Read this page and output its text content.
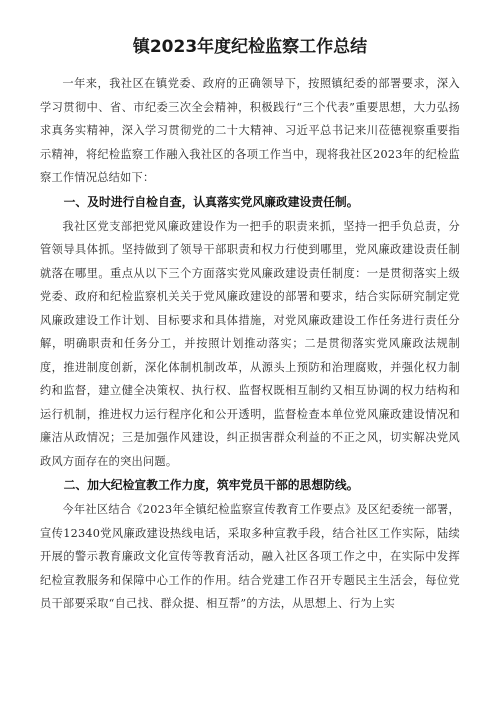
镇2023年度纪检监察工作总结

一年来，我社区在镇党委、政府的正确领导下，按照镇纪委的部署要求，深入学习贯彻中、省、市纪委三次全会精神，积极践行“三个代表”重要思想，大力弘扬求真务实精神，深入学习贯彻党的二十大精神、习近平总书记来川莅德视察重要指示精神，将纪检监察工作融入我社区的各项工作当中，现将我社区2023年的纪检监察工作情况总结如下：

一、及时进行自检自查，认真落实党风廉政建设责任制。

我社区党支部把党风廉政建设作为一把手的职责来抓，坚持一把手负总责，分管领导具体抓。坚持做到了领导干部职责和权力行使到哪里，党风廉政建设责任制就落在哪里。重点从以下三个方面落实党风廉政建设责任制度：一是贯彻落实上级党委、政府和纪检监察机关关于党风廉政建设的部署和要求，结合实际研究制定党风廉政建设工作计划、目标要求和具体措施，对党风廉政建设工作任务进行责任分解，明确职责和任务分工，并按照计划推动落实；二是贯彻落实党风廉政法规制度，推进制度创新，深化体制机制改革，从源头上预防和治理腐败，并强化权力制约和监督，建立健全决策权、执行权、监督权既相互制约又相互协调的权力结构和运行机制，推进权力运行程序化和公开透明，监督检查本单位党风廉政建设情况和廉洁从政情况；三是加强作风建设，纠正损害群众利益的不正之风，切实解决党风政风方面存在的突出问题。

二、加大纪检宣教工作力度，筑牢党员干部的思想防线。

今年社区结合《2023年全镇纪检监察宣传教育工作要点》及区纪委统一部署，宣传12340党风廉政建设热线电话，采取多种宣教手段，结合社区工作实际，陆续开展的警示教育廉政文化宣传等教育活动，融入社区各项工作之中，在实际中发挥纪检宣教服务和保障中心工作的作用。结合党建工作召开专题民主生活会，每位党员干部要采取“自己找、群众提、相互帮”的方法，从思想上、行为上实
